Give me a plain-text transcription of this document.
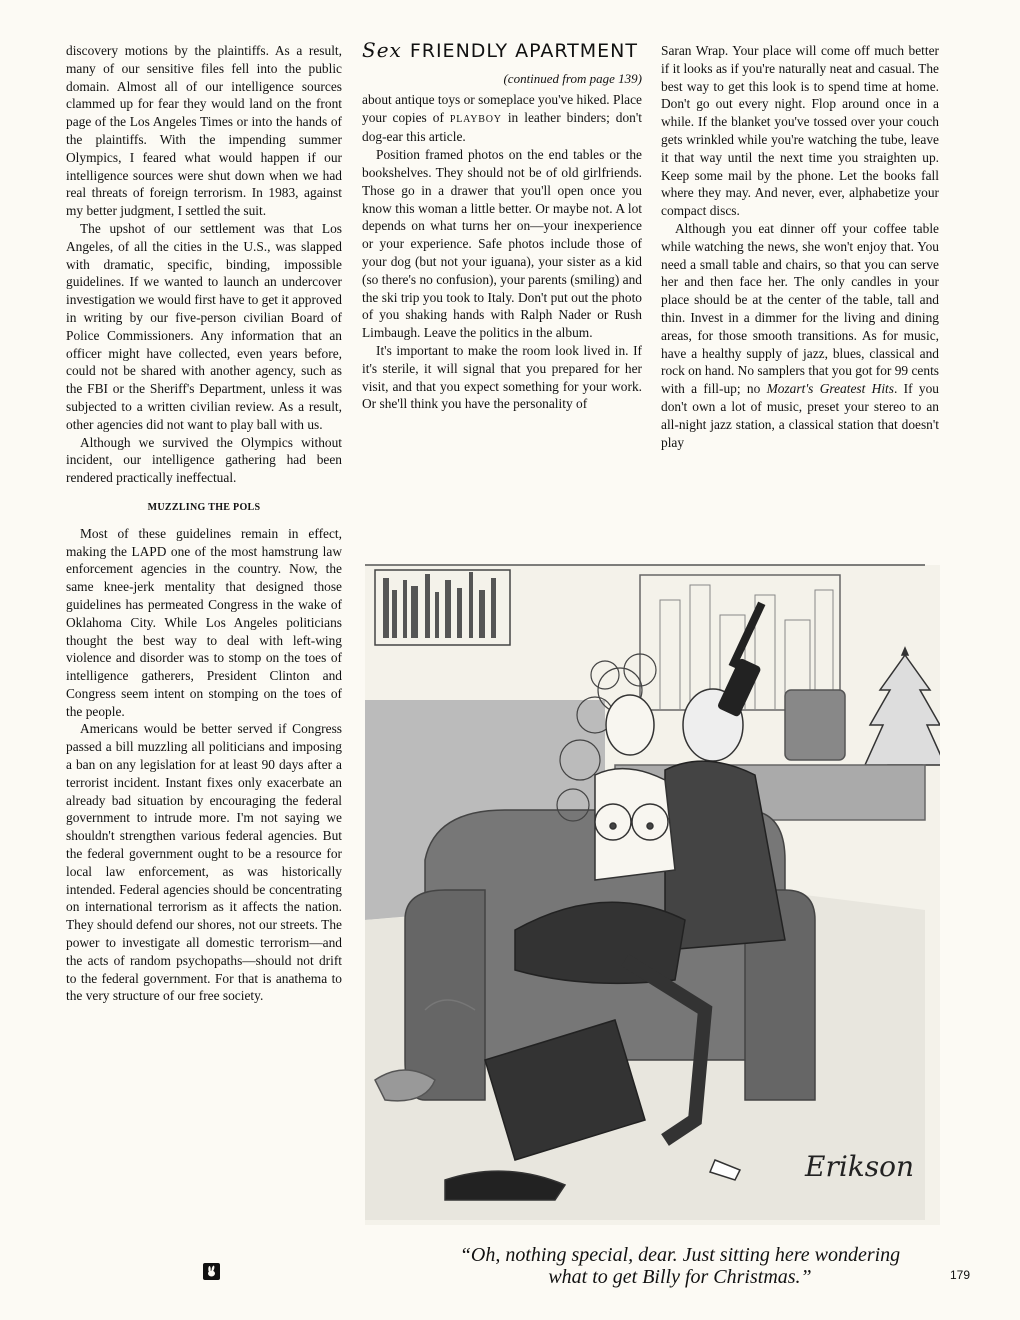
discovery motions by the plaintiffs. As a result, many of our sensitive files fell into the public domain. Almost all of our intelligence sources clammed up for fear they would land on the front page of the Los Angeles Times or into the hands of the plaintiffs. With the impending summer Olympics, I feared what would happen if our intelligence sources were shut down when we had real threats of foreign terrorism. In 1983, against my better judgment, I settled the suit.

The upshot of our settlement was that Los Angeles, of all the cities in the U.S., was slapped with dramatic, specific, binding, impossible guidelines. If we wanted to launch an undercover investigation we would first have to get it approved in writing by our five-person civilian Board of Police Commissioners. Any information that an officer might have collected, even years before, could not be shared with another agency, such as the FBI or the Sheriff's Department, unless it was subjected to a written civilian review. As a result, other agencies did not want to play ball with us.

Although we survived the Olympics without incident, our intelligence gathering had been rendered practically ineffectual.

MUZZLING THE POLS

Most of these guidelines remain in effect, making the LAPD one of the most hamstrung law enforcement agencies in the country. Now, the same knee-jerk mentality that designed those guidelines has permeated Congress in the wake of Oklahoma City. While Los Angeles politicians thought the best way to deal with left-wing violence and disorder was to stomp on the toes of intelligence gatherers, President Clinton and Congress seem intent on stomping on the toes of the people.

Americans would be better served if Congress passed a bill muzzling all politicians and imposing a ban on any legislation for at least 90 days after a terrorist incident. Instant fixes only exacerbate an already bad situation by encouraging the federal government to intrude more. I'm not saying we shouldn't strengthen various federal agencies. But the federal government ought to be a resource for local law enforcement, as was historically intended. Federal agencies should be concentrating on international terrorism as it affects the nation. They should defend our shores, not our streets. The power to investigate all domestic terrorism—and the acts of random psychopaths—should not drift to the federal government. For that is anathema to the very structure of our free society.

Sex FRIENDLY APARTMENT
(continued from page 139)

about antique toys or someplace you've hiked. Place your copies of PLAYBOY in leather binders; don't dog-ear this article.

Position framed photos on the end tables or the bookshelves. They should not be of old girlfriends. Those go in a drawer that you'll open once you know this woman a little better. Or maybe not. A lot depends on what turns her on—your inexperience or your experience. Safe photos include those of your dog (but not your iguana), your sister as a kid (so there's no confusion), your parents (smiling) and the ski trip you took to Italy. Don't put out the photo of you shaking hands with Ralph Nader or Rush Limbaugh. Leave the politics in the album.

It's important to make the room look lived in. If it's sterile, it will signal that you prepared for her visit, and that you expect something for your work. Or she'll think you have the personality of

Saran Wrap. Your place will come off much better if it looks as if you're naturally neat and casual. The best way to get this look is to spend time at home. Don't go out every night. Flop around once in a while. If the blanket you've tossed over your couch gets wrinkled while you're watching the tube, leave it that way until the next time you straighten up. Keep some mail by the phone. Let the books fall where they may. And never, ever, alphabetize your compact discs.

Although you eat dinner off your coffee table while watching the news, she won't enjoy that. You need a small table and chairs, so that you can serve her and then face her. The only candles in your place should be at the center of the table, tall and thin. Invest in a dimmer for the living and dining areas, for those smooth transitions. As for music, have a healthy supply of jazz, blues, classical and rock on hand. No samplers that you got for 99 cents with a fill-up; no Mozart's Greatest Hits. If you don't own a lot of music, preset your stereo to an all-night jazz station, a classical station that doesn't play

Erikson
“Oh, nothing special, dear. Just sitting here wondering
what to get Billy for Christmas.”	179
